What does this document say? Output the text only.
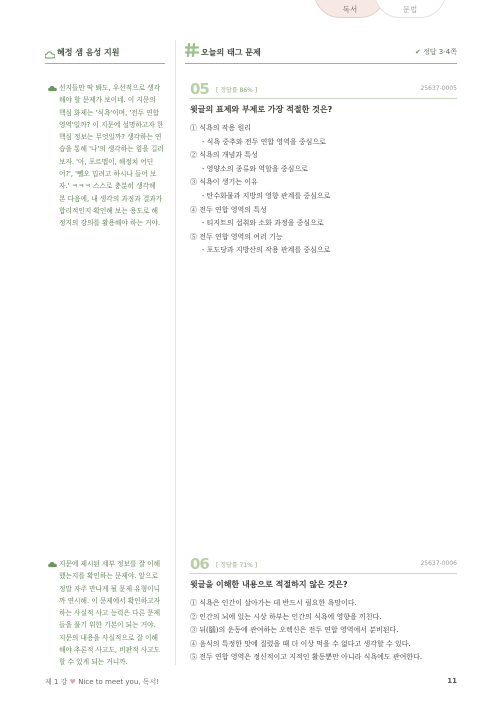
독서	문법
혜정 샘 음성 지원	오늘의 태그 문제	✔ 정답 3-4쪽
선지들만 딱 봐도, 우선적으로 생각해야 할 문제가 보이네. 이 지문의 핵심 화제는 '식욕'이며, '전두 연합 영역'일까? 이 지문에 설명하고자 한 핵심 정보는 무엇일까? 생각하는 연습을 통해 '나'의 생각하는 힘을 길러 보자. '아, 포르맵이, 해정치 어딘어?', '뺄오 밉려고 하시나 들어 보자.' ㅋㅋㅋ 스스로 충분히 생각해 본 다음에, 내 생각의 과정과 결과가 합리적인지 확인해 보는 용도로 해정지의 강의를 활용해야 하는 거야.
지문에 제시된 세부 정보를 잘 이해했는지를 확인하는 문제야. 앞으로 정말 자주 만나게 될 문제 유형이니까 연시해. 이 문제에서 확인하고자 하는 사실적 사고 능력은 다른 문제들을 풀기 위한 기본이 되는 거야. 지문의 내용을 사실적으로 잘 이해해야 추론적 사고도, 비판적 사고도 할 수 있게 되는 거니까.
05 [ 정답률 86% ]	25637-0005
윗글의 표제와 부제로 가장 적절한 것은?
① 식욕의 작용 원리
- 식욕 중추와 전두 연합 영역을 중심으로
② 식욕의 개념과 특성
- 영양소의 종류와 역할을 중심으로
③ 식욕이 생기는 이유
- 탄수화물과 지방의 영향 관계를 중심으로
④ 전두 연합 영역의 특성
- 티지트의 섭취와 소화 과정을 중심으로
⑤ 전두 연합 영역의 여러 기능
- 포도당과 지방산의 작용 관계를 중심으로
06 [ 정답률 71% ]	25637-0006
윗글을 이해한 내용으로 적절하지 않은 것은?
① 식욕은 인간이 살아가는 데 반드시 필요한 욕망이다.
② 인간의 뇌에 있는 시상 하부는 인간의 식욕에 영향을 끼친다.
③ 뒤(腦)의 운동에 관여하는 오렉신은 전두 연합 영역에서 분비된다.
④ 음식의 특정한 맛에 질렸을 때 더 이상 먹을 수 없다고 생각할 수 있다.
⑤ 전두 연합 영역은 정신적이고 지적인 활동뿐만 아니라 식욕에도 관여한다.
제 1 강 ♥ Nice to meet you, 독서!	11
